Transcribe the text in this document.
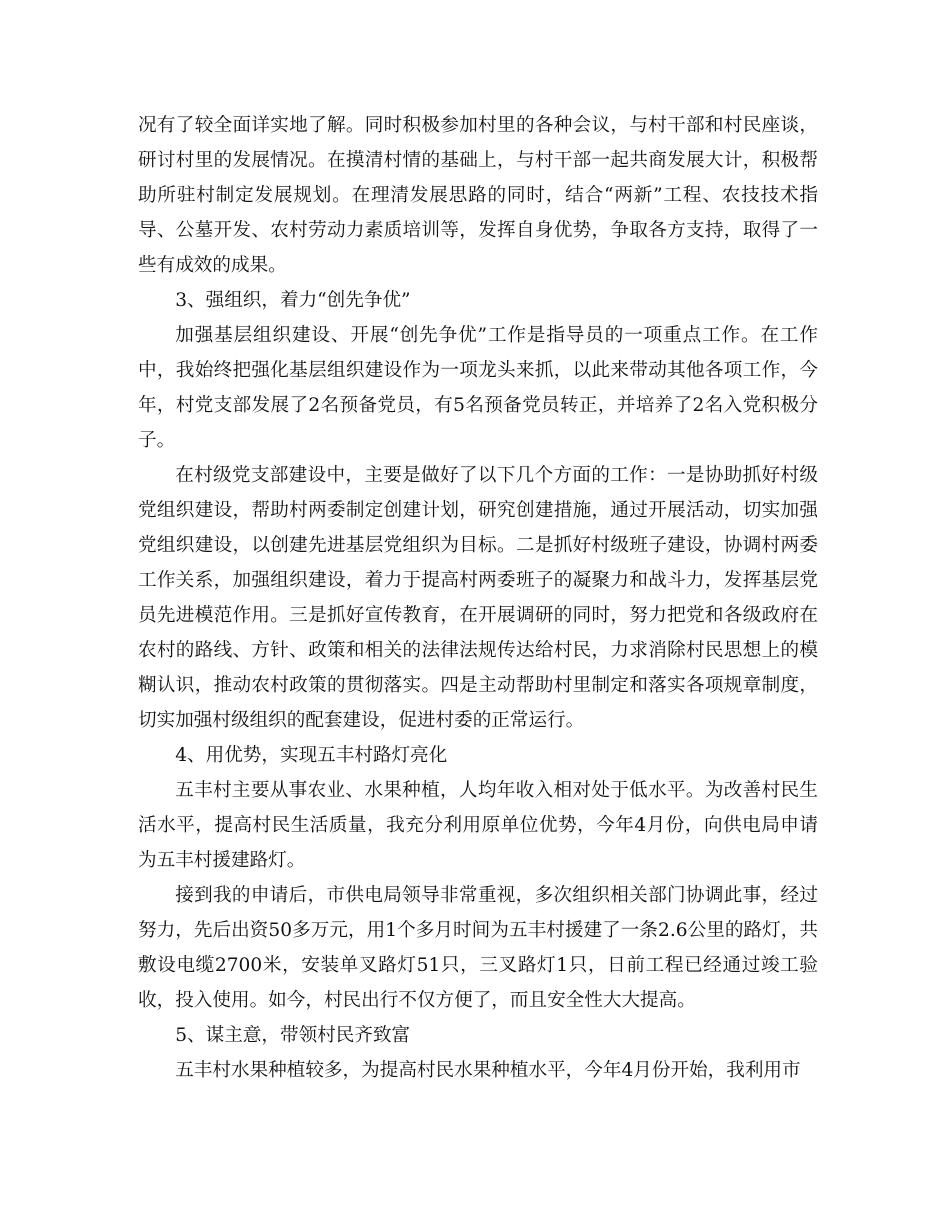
况有了较全面详实地了解。同时积极参加村里的各种会议，与村干部和村民座谈，研讨村里的发展情况。在摸清村情的基础上，与村干部一起共商发展大计，积极帮助所驻村制定发展规划。在理清发展思路的同时，结合“两新”工程、农技技术指导、公墓开发、农村劳动力素质培训等，发挥自身优势，争取各方支持，取得了一些有成效的成果。

3、强组织，着力“创先争优”

加强基层组织建设、开展“创先争优”工作是指导员的一项重点工作。在工作中，我始终把强化基层组织建设作为一项龙头来抓，以此来带动其他各项工作，今年，村党支部发展了2名预备党员，有5名预备党员转正，并培养了2名入党积极分子。

在村级党支部建设中，主要是做好了以下几个方面的工作：一是协助抓好村级党组织建设，帮助村两委制定创建计划，研究创建措施，通过开展活动，切实加强党组织建设，以创建先进基层党组织为目标。二是抓好村级班子建设，协调村两委工作关系，加强组织建设，着力于提高村两委班子的凝聚力和战斗力，发挥基层党员先进模范作用。三是抓好宣传教育，在开展调研的同时，努力把党和各级政府在农村的路线、方针、政策和相关的法律法规传达给村民，力求消除村民思想上的模糊认识，推动农村政策的贯彻落实。四是主动帮助村里制定和落实各项规章制度，切实加强村级组织的配套建设，促进村委的正常运行。

4、用优势，实现五丰村路灯亮化

五丰村主要从事农业、水果种植，人均年收入相对处于低水平。为改善村民生活水平，提高村民生活质量，我充分利用原单位优势，今年4月份，向供电局申请为五丰村援建路灯。

接到我的申请后，市供电局领导非常重视，多次组织相关部门协调此事，经过努力，先后出资50多万元，用1个多月时间为五丰村援建了一条2.6公里的路灯，共敷设电缆2700米，安装单叉路灯51只，三叉路灯1只，日前工程已经通过竣工验收，投入使用。如今，村民出行不仅方便了，而且安全性大大提高。

5、谋主意，带领村民齐致富

五丰村水果种植较多，为提高村民水果种植水平，今年4月份开始，我利用市
